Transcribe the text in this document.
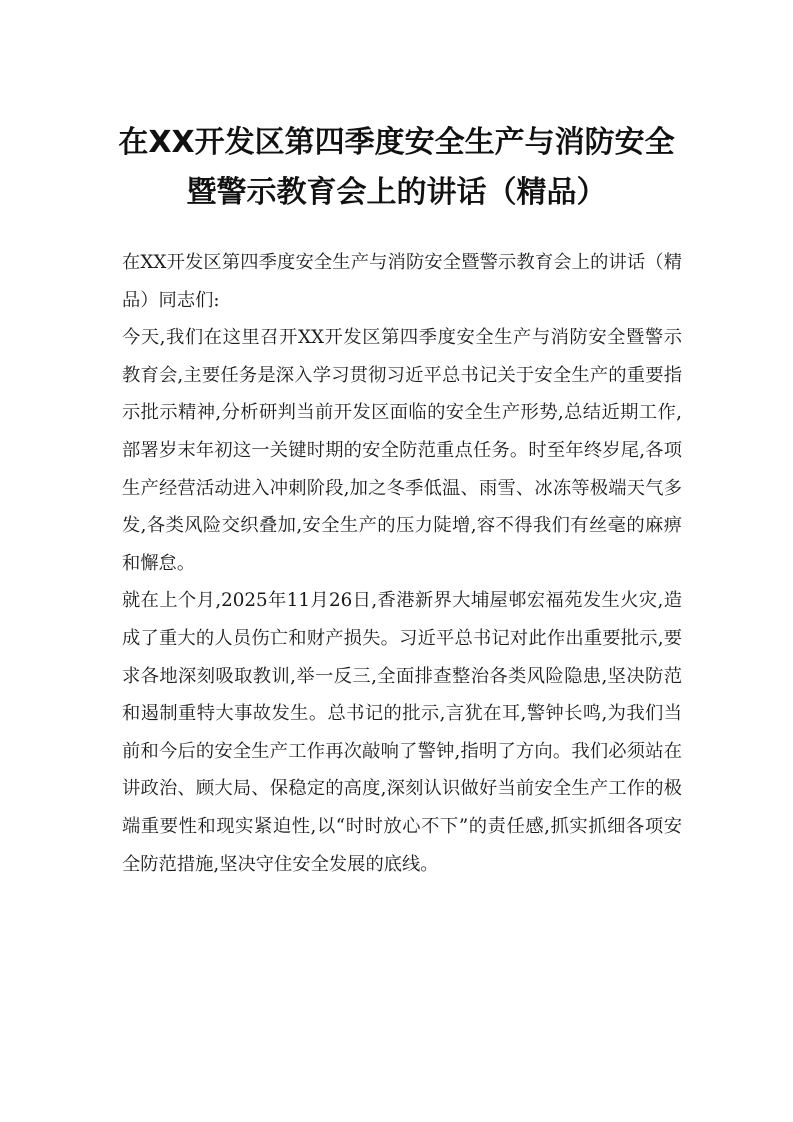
在XX开发区第四季度安全生产与消防安全
暨警示教育会上的讲话（精品）

在XX开发区第四季度安全生产与消防安全暨警示教育会上的讲话（精品）同志们:

今天,我们在这里召开XX开发区第四季度安全生产与消防安全暨警示教育会,主要任务是深入学习贯彻习近平总书记关于安全生产的重要指示批示精神,分析研判当前开发区面临的安全生产形势,总结近期工作,部署岁末年初这一关键时期的安全防范重点任务。时至年终岁尾,各项生产经营活动进入冲刺阶段,加之冬季低温、雨雪、冰冻等极端天气多发,各类风险交织叠加,安全生产的压力陡增,容不得我们有丝毫的麻痹和懈怠。

就在上个月,2025年11月26日,香港新界大埔屋邨宏福苑发生火灾,造成了重大的人员伤亡和财产损失。习近平总书记对此作出重要批示,要求各地深刻吸取教训,举一反三,全面排查整治各类风险隐患,坚决防范和遏制重特大事故发生。总书记的批示,言犹在耳,警钟长鸣,为我们当前和今后的安全生产工作再次敲响了警钟,指明了方向。我们必须站在讲政治、顾大局、保稳定的高度,深刻认识做好当前安全生产工作的极端重要性和现实紧迫性,以“时时放心不下”的责任感,抓实抓细各项安全防范措施,坚决守住安全发展的底线。
